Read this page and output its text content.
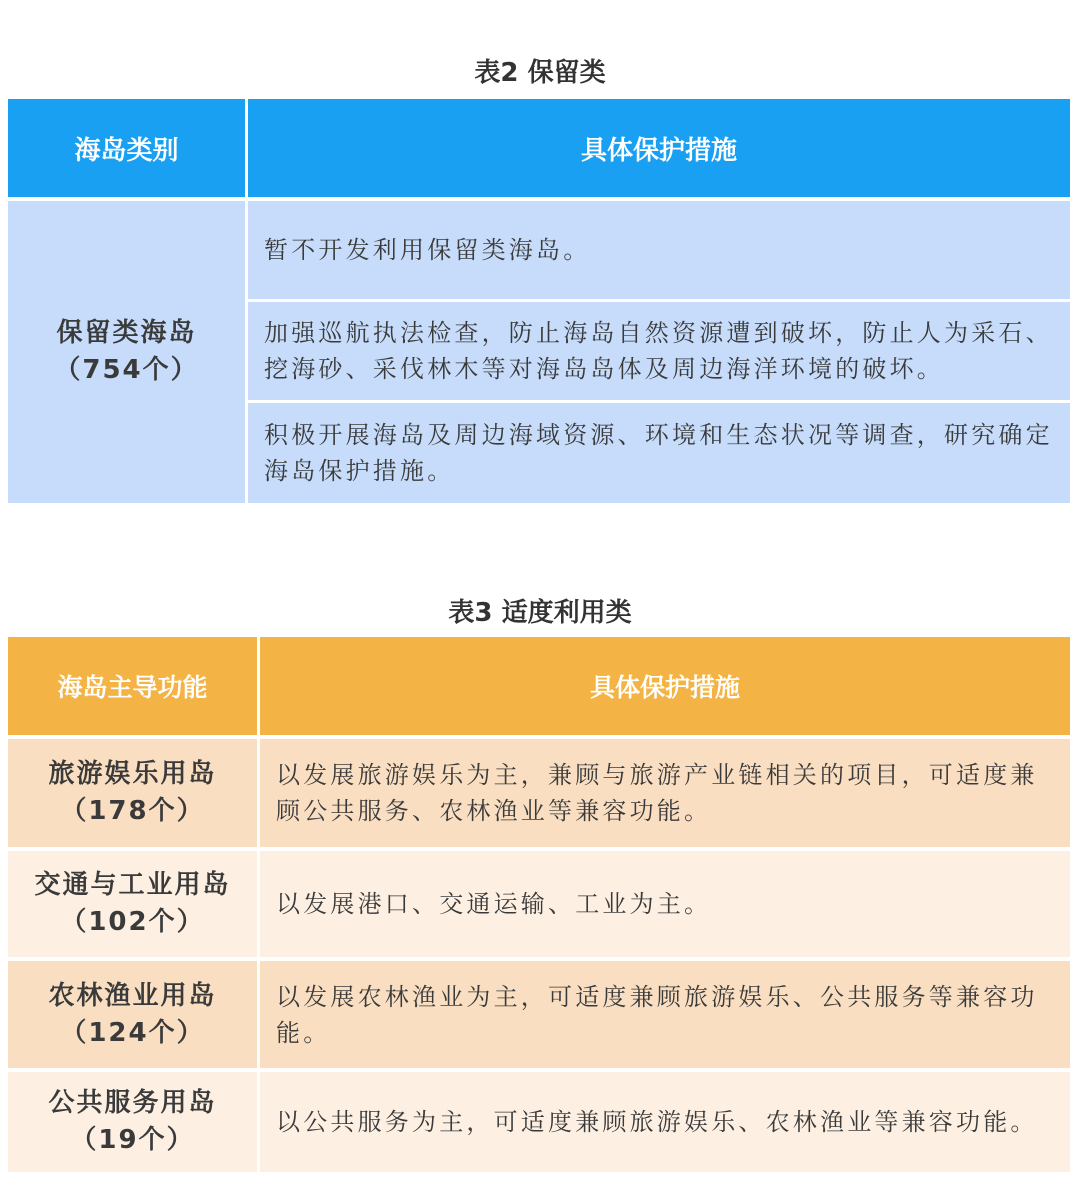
表2 保留类
海岛类别	具体保护措施
保留类海岛
（754个）
暂不开发利用保留类海岛。
加强巡航执法检查，防止海岛自然资源遭到破坏，防止人为采石、挖海砂、采伐林木等对海岛岛体及周边海洋环境的破坏。
积极开展海岛及周边海域资源、环境和生态状况等调查，研究确定海岛保护措施。
表3 适度利用类
海岛主导功能	具体保护措施
旅游娱乐用岛
（178个）
以发展旅游娱乐为主，兼顾与旅游产业链相关的项目，可适度兼顾公共服务、农林渔业等兼容功能。
交通与工业用岛
（102个）
以发展港口、交通运输、工业为主。
农林渔业用岛
（124个）
以发展农林渔业为主，可适度兼顾旅游娱乐、公共服务等兼容功能。
公共服务用岛
（19个）
以公共服务为主，可适度兼顾旅游娱乐、农林渔业等兼容功能。
